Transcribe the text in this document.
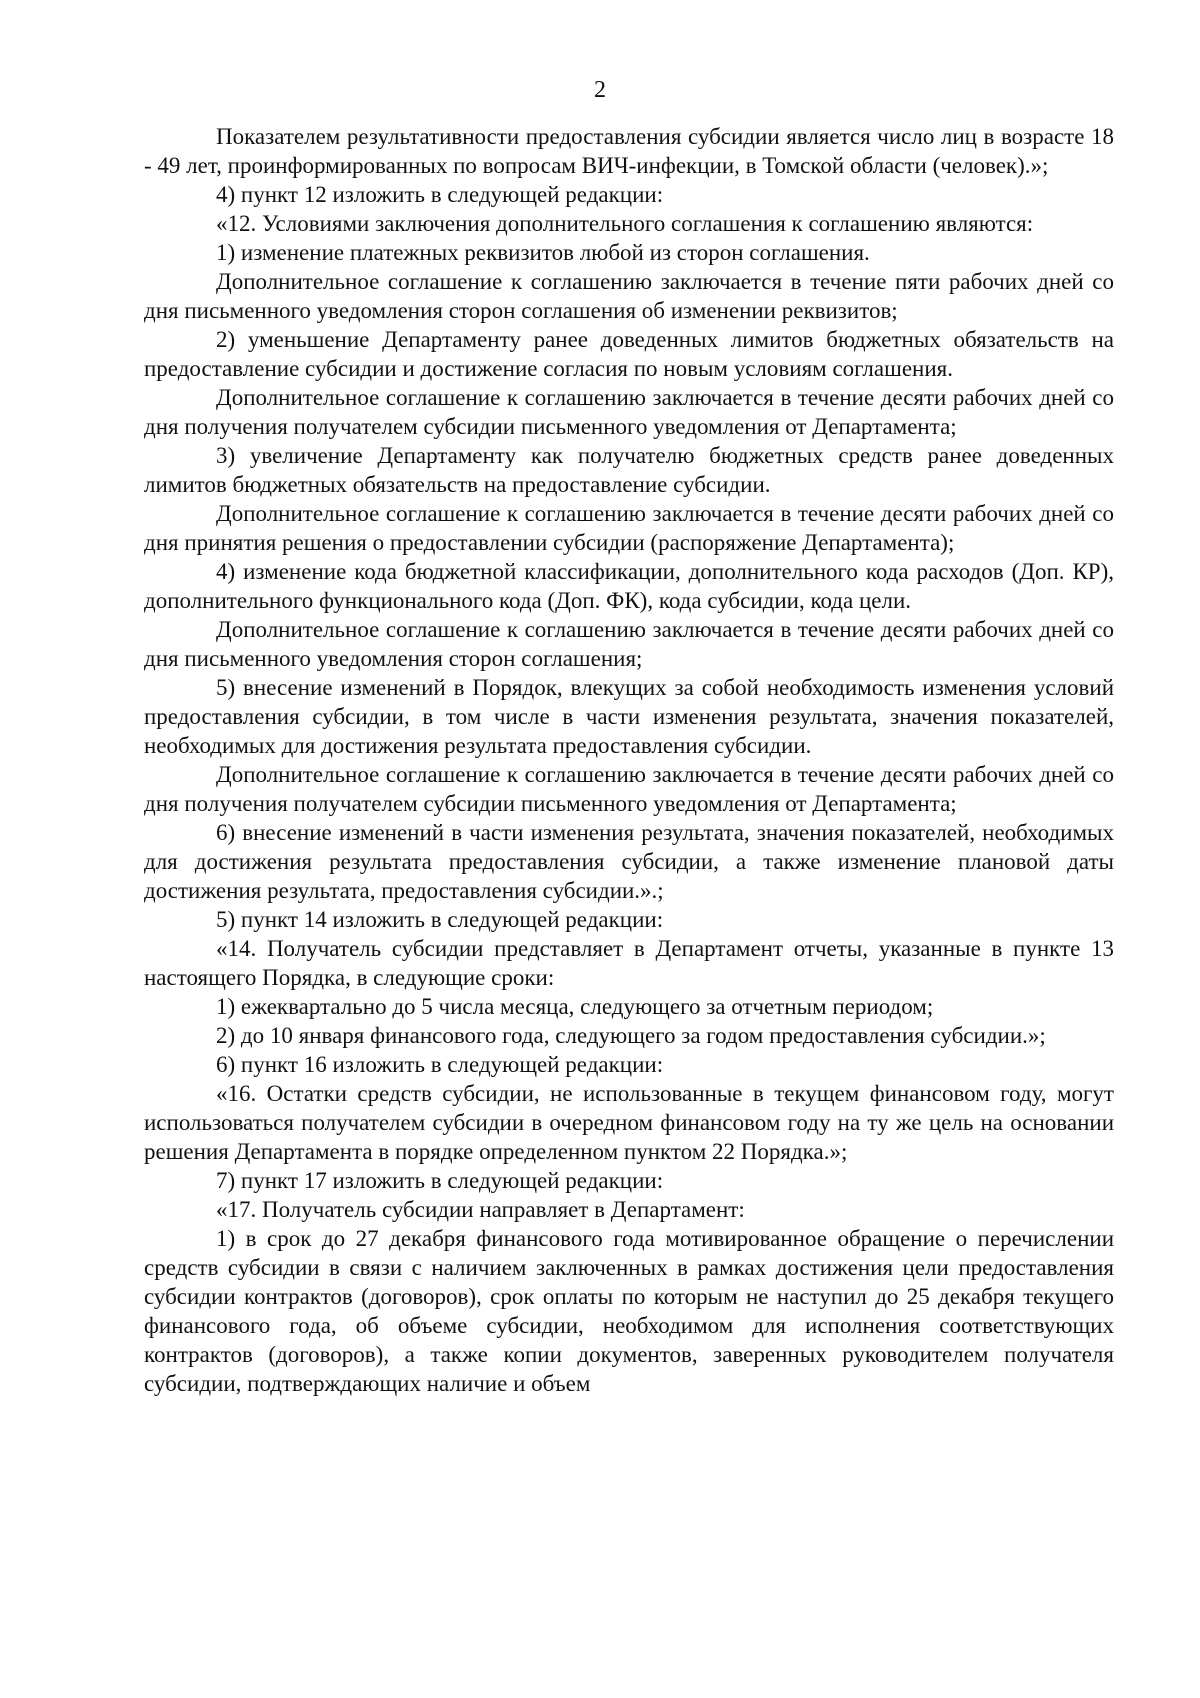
2

Показателем результативности предоставления субсидии является число лиц в возрасте 18 - 49 лет, проинформированных по вопросам ВИЧ-инфекции, в Томской области (человек).»;

4) пункт 12 изложить в следующей редакции:

«12. Условиями заключения дополнительного соглашения к соглашению являются:

1) изменение платежных реквизитов любой из сторон соглашения.

Дополнительное соглашение к соглашению заключается в течение пяти рабочих дней со дня письменного уведомления сторон соглашения об изменении реквизитов;

2) уменьшение Департаменту ранее доведенных лимитов бюджетных обязательств на предоставление субсидии и достижение согласия по новым условиям соглашения.

Дополнительное соглашение к соглашению заключается в течение десяти рабочих дней со дня получения получателем субсидии письменного уведомления от Департамента;

3) увеличение Департаменту как получателю бюджетных средств ранее доведенных лимитов бюджетных обязательств на предоставление субсидии.

Дополнительное соглашение к соглашению заключается в течение десяти рабочих дней со дня принятия решения о предоставлении субсидии (распоряжение Департамента);

4) изменение кода бюджетной классификации, дополнительного кода расходов (Доп. КР), дополнительного функционального кода (Доп. ФК), кода субсидии, кода цели.

Дополнительное соглашение к соглашению заключается в течение десяти рабочих дней со дня письменного уведомления сторон соглашения;

5) внесение изменений в Порядок, влекущих за собой необходимость изменения условий предоставления субсидии, в том числе в части изменения результата, значения показателей, необходимых для достижения результата предоставления субсидии.

Дополнительное соглашение к соглашению заключается в течение десяти рабочих дней со дня получения получателем субсидии письменного уведомления от Департамента;

6) внесение изменений в части изменения результата, значения показателей, необходимых для достижения результата предоставления субсидии, а также изменение плановой даты достижения результата, предоставления субсидии.».;

5) пункт 14 изложить в следующей редакции:

«14. Получатель субсидии представляет в Департамент отчеты, указанные в пункте 13 настоящего Порядка, в следующие сроки:

1) ежеквартально до 5 числа месяца, следующего за отчетным периодом;

2) до 10 января финансового года, следующего за годом предоставления субсидии.»;

6) пункт 16 изложить в следующей редакции:

«16. Остатки средств субсидии, не использованные в текущем финансовом году, могут использоваться получателем субсидии в очередном финансовом году на ту же цель на основании решения Департамента в порядке определенном пунктом 22 Порядка.»;

7) пункт 17 изложить в следующей редакции:

«17. Получатель субсидии направляет в Департамент:

1) в срок до 27 декабря финансового года мотивированное обращение о перечислении средств субсидии в связи с наличием заключенных в рамках достижения цели предоставления субсидии контрактов (договоров), срок оплаты по которым не наступил до 25 декабря текущего финансового года, об объеме субсидии, необходимом для исполнения соответствующих контрактов (договоров), а также копии документов, заверенных руководителем получателя субсидии, подтверждающих наличие и объем
